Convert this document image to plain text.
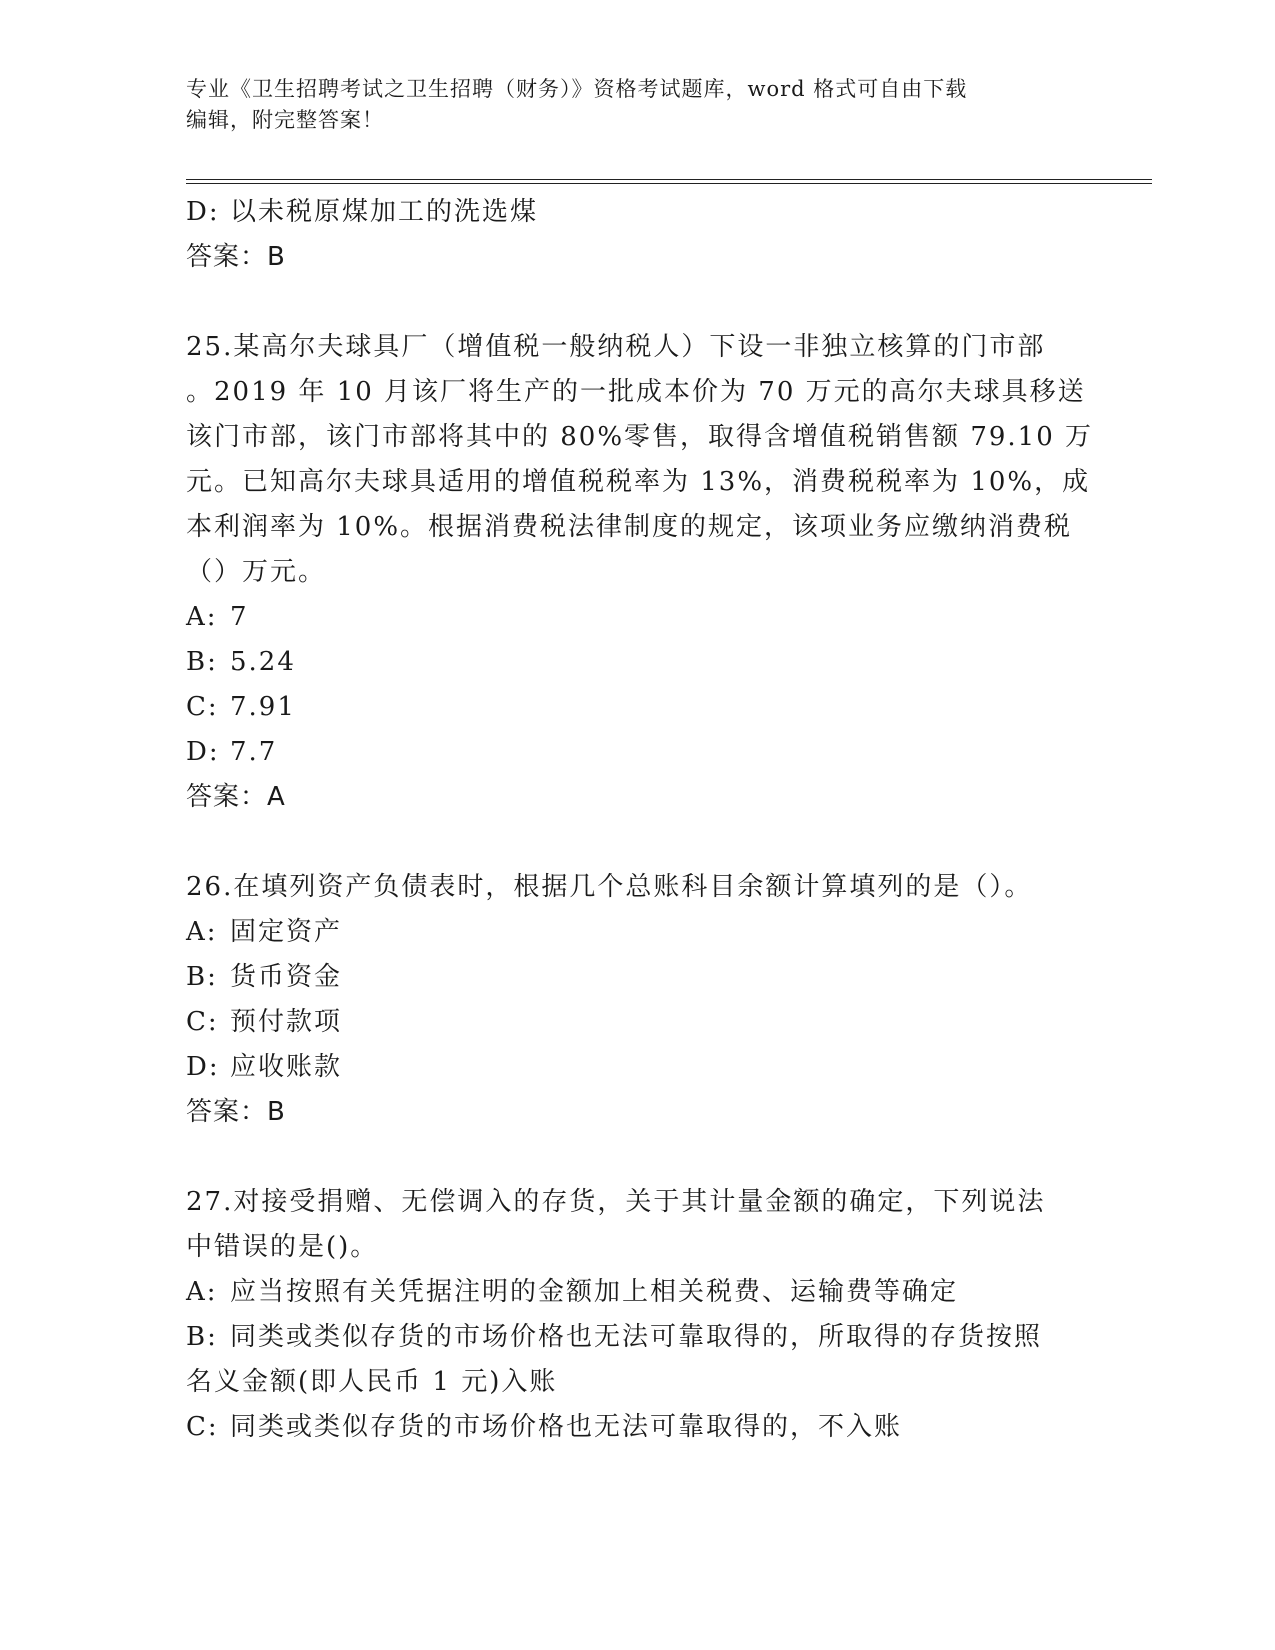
专业《卫生招聘考试之卫生招聘（财务）》资格考试题库，word 格式可自由下载
编辑，附完整答案！
D: 以未税原煤加工的洗选煤
答案：B
25.某高尔夫球具厂（增值税一般纳税人）下设一非独立核算的门市部
。2019 年 10 月该厂将生产的一批成本价为 70 万元的高尔夫球具移送
该门市部，该门市部将其中的 80%零售，取得含增值税销售额 79.10 万
元。已知高尔夫球具适用的增值税税率为 13%，消费税税率为 10%，成
本利润率为 10%。根据消费税法律制度的规定，该项业务应缴纳消费税
（）万元。
A: 7
B: 5.24
C: 7.91
D: 7.7
答案：A
26.在填列资产负债表时，根据几个总账科目余额计算填列的是（）。
A: 固定资产
B: 货币资金
C: 预付款项
D: 应收账款
答案：B
27.对接受捐赠、无偿调入的存货，关于其计量金额的确定，下列说法
中错误的是()。
A: 应当按照有关凭据注明的金额加上相关税费、运输费等确定
B: 同类或类似存货的市场价格也无法可靠取得的，所取得的存货按照
名义金额(即人民币 1 元)入账
C: 同类或类似存货的市场价格也无法可靠取得的，不入账
